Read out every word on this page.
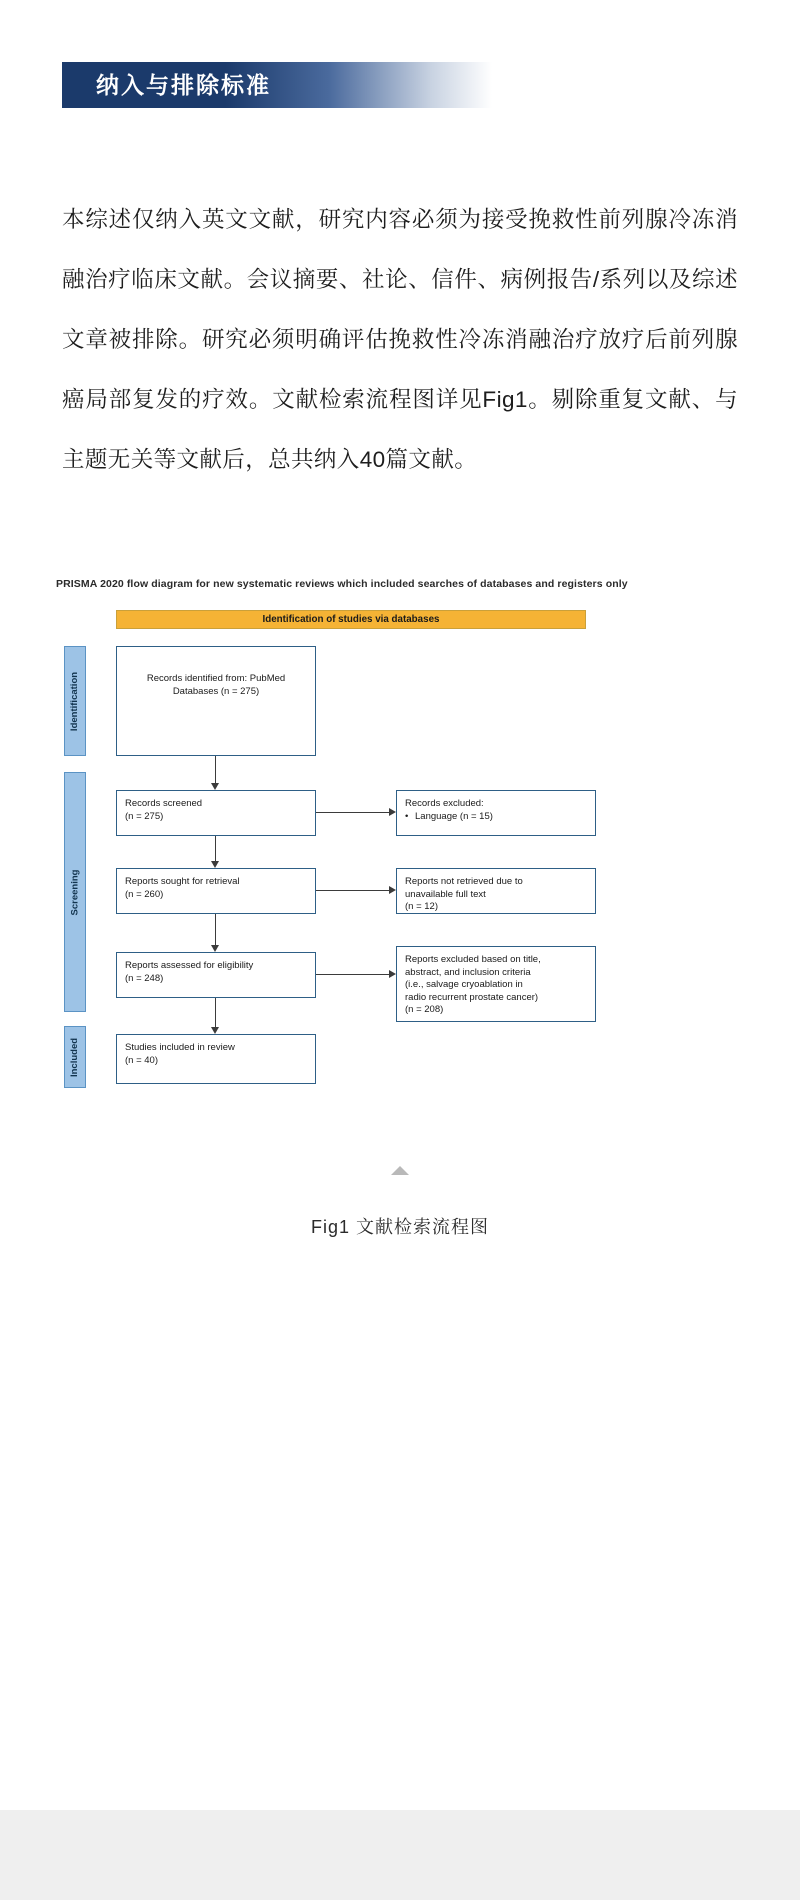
纳入与排除标准

本综述仅纳入英文文献，研究内容必须为接受挽救性前列腺冷冻消融治疗临床文献。会议摘要、社论、信件、病例报告/系列以及综述文章被排除。研究必须明确评估挽救性冷冻消融治疗放疗后前列腺癌局部复发的疗效。文献检索流程图详见Fig1。剔除重复文献、与主题无关等文献后，总共纳入40篇文献。

PRISMA 2020 flow diagram for new systematic reviews which included searches of databases and registers only
Identification of studies via databases
Identification
Screening
Included
Records identified from: PubMed
Databases (n = 275)
Records screened
(n = 275)
Records excluded:
• Language (n = 15)
Reports sought for retrieval
(n = 260)
Reports not retrieved due to
unavailable full text
(n = 12)
Reports assessed for eligibility
(n = 248)
Reports excluded based on title,
abstract, and inclusion criteria
(i.e., salvage cryoablation in
radio recurrent prostate cancer)
(n = 208)
Studies included in review
(n = 40)
Fig1 文献检索流程图
